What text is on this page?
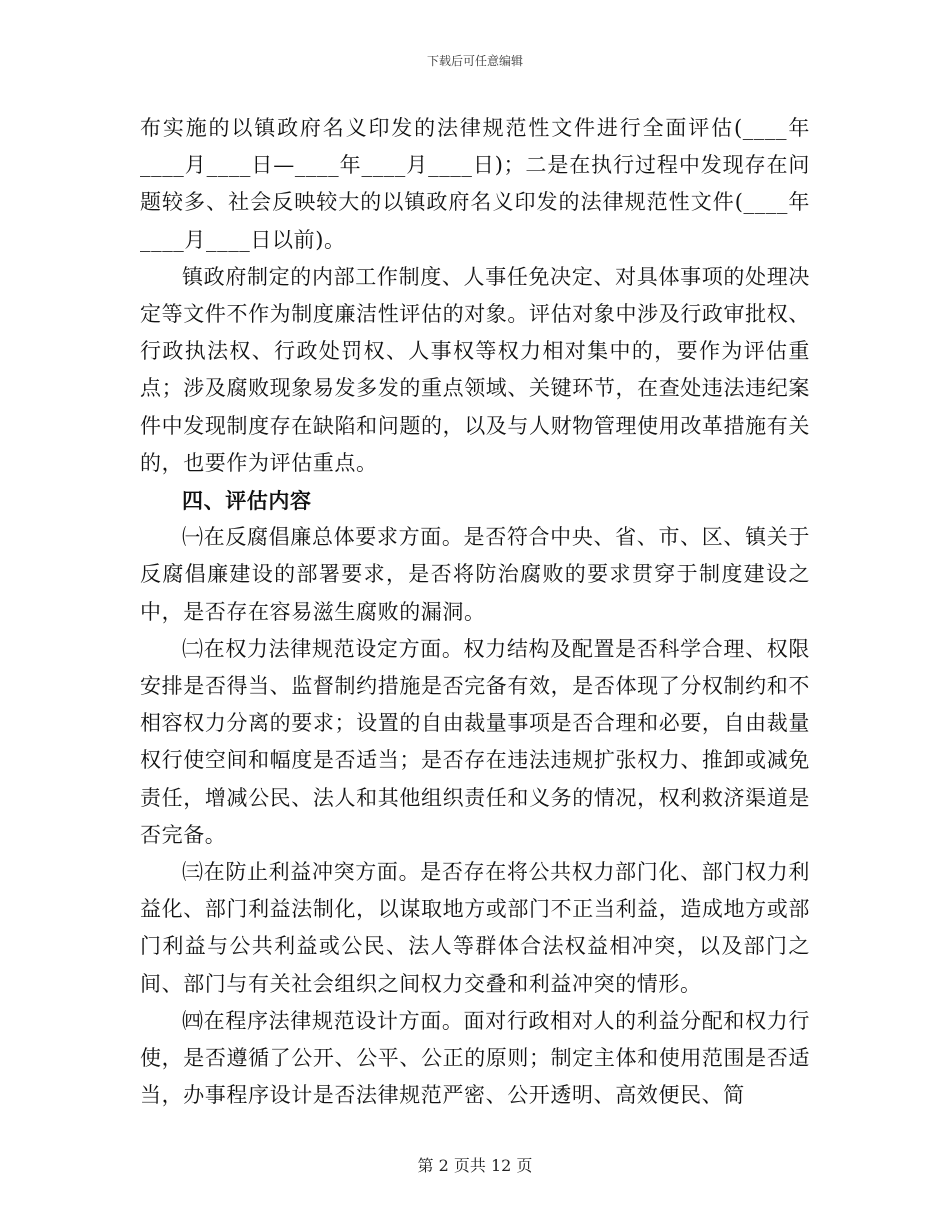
下载后可任意编辑

布实施的以镇政府名义印发的法律规范性文件进行全面评估(____年____月____日—____年____月____日)；二是在执行过程中发现存在问题较多、社会反映较大的以镇政府名义印发的法律规范性文件(____年____月____日以前)。

镇政府制定的内部工作制度、人事任免决定、对具体事项的处理决定等文件不作为制度廉洁性评估的对象。评估对象中涉及行政审批权、行政执法权、行政处罚权、人事权等权力相对集中的，要作为评估重点；涉及腐败现象易发多发的重点领域、关键环节，在查处违法违纪案件中发现制度存在缺陷和问题的，以及与人财物管理使用改革措施有关的，也要作为评估重点。

四、评估内容

㈠在反腐倡廉总体要求方面。是否符合中央、省、市、区、镇关于反腐倡廉建设的部署要求，是否将防治腐败的要求贯穿于制度建设之中，是否存在容易滋生腐败的漏洞。

㈡在权力法律规范设定方面。权力结构及配置是否科学合理、权限安排是否得当、监督制约措施是否完备有效，是否体现了分权制约和不相容权力分离的要求；设置的自由裁量事项是否合理和必要，自由裁量权行使空间和幅度是否适当；是否存在违法违规扩张权力、推卸或减免责任，增减公民、法人和其他组织责任和义务的情况，权利救济渠道是否完备。

㈢在防止利益冲突方面。是否存在将公共权力部门化、部门权力利益化、部门利益法制化，以谋取地方或部门不正当利益，造成地方或部门利益与公共利益或公民、法人等群体合法权益相冲突，以及部门之间、部门与有关社会组织之间权力交叠和利益冲突的情形。

㈣在程序法律规范设计方面。面对行政相对人的利益分配和权力行使，是否遵循了公开、公平、公正的原则；制定主体和使用范围是否适当，办事程序设计是否法律规范严密、公开透明、高效便民、简

第 2 页共 12 页
